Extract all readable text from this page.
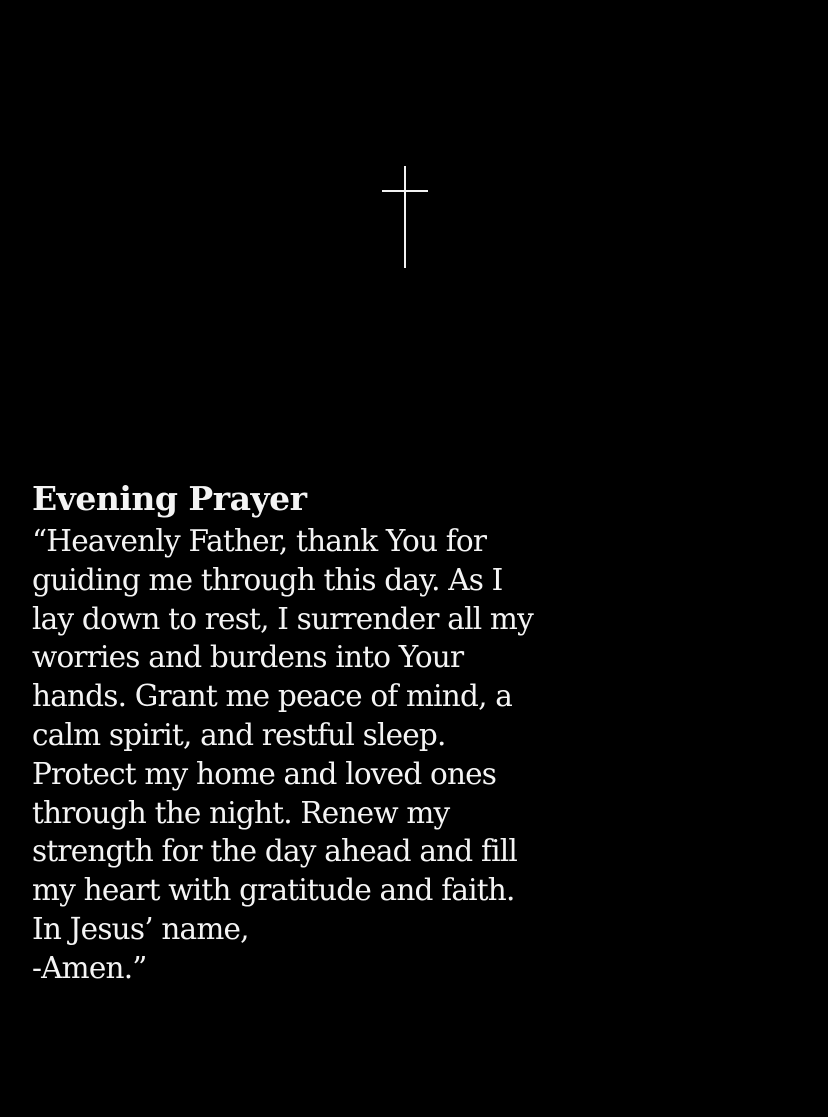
Evening Prayer

“Heavenly Father, thank You for

guiding me through this day. As I

lay down to rest, I surrender all my

worries and burdens into Your

hands. Grant me peace of mind, a

calm spirit, and restful sleep.

Protect my home and loved ones

through the night. Renew my

strength for the day ahead and fill

my heart with gratitude and faith.

In Jesus’ name,

-Amen.”
